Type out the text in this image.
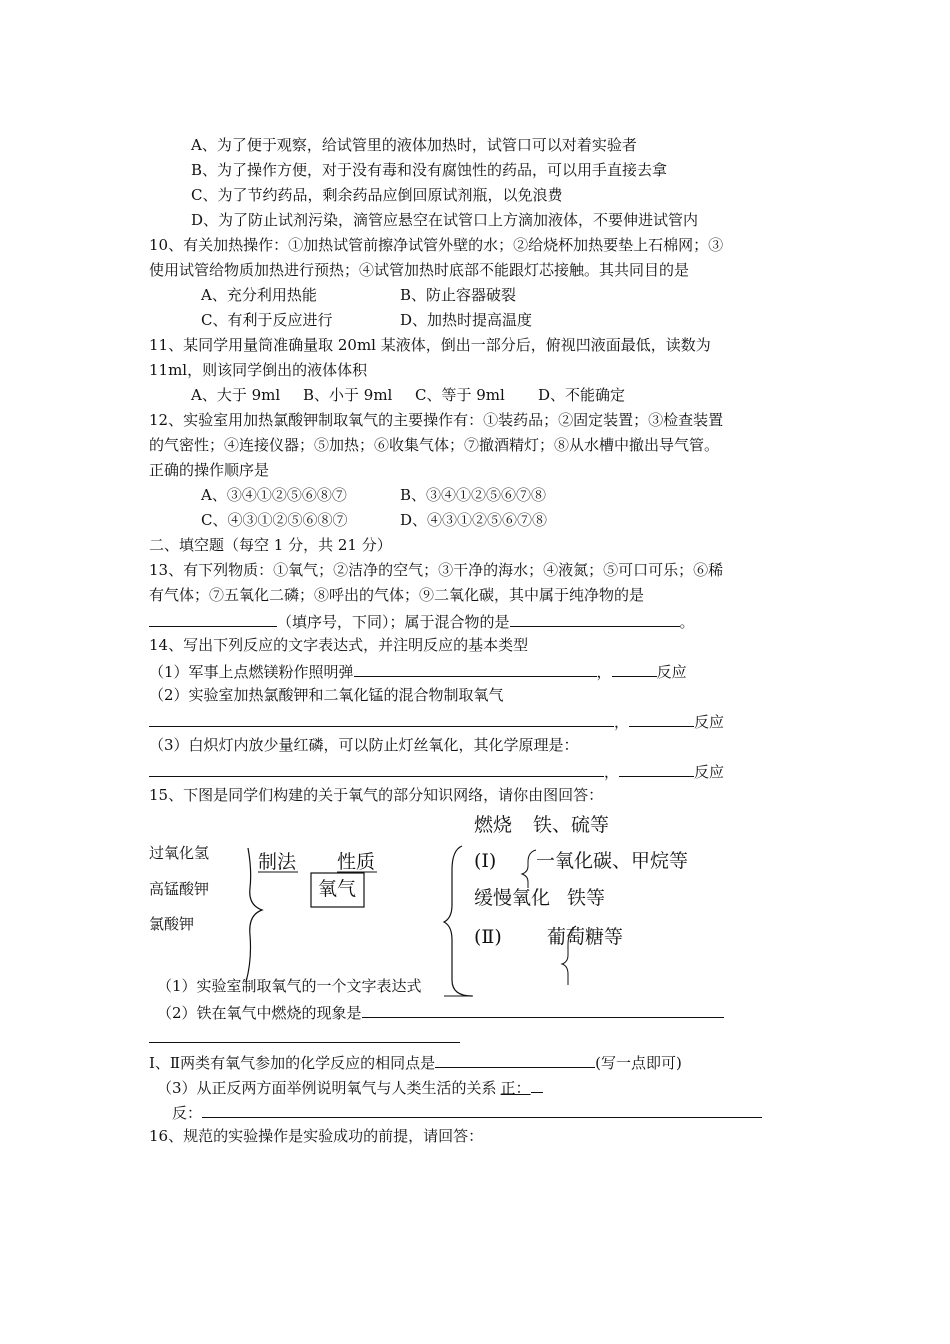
A、为了便于观察，给试管里的液体加热时，试管口可以对着实验者
B、为了操作方便，对于没有毒和没有腐蚀性的药品，可以用手直接去拿
C、为了节约药品，剩余药品应倒回原试剂瓶，以免浪费
D、为了防止试剂污染，滴管应悬空在试管口上方滴加液体，不要伸进试管内
10、有关加热操作：①加热试管前擦净试管外壁的水；②给烧杯加热要垫上石棉网；③
使用试管给物质加热进行预热；④试管加热时底部不能跟灯芯接触。其共同目的是
A、充分利用热能	B、防止容器破裂
C、有利于反应进行	D、加热时提高温度
11、某同学用量筒准确量取 20ml 某液体，倒出一部分后，俯视凹液面最低，读数为
11ml，则该同学倒出的液体体积
A、大于 9ml B、小于 9ml C、等于 9ml D、不能确定
12、实验室用加热氯酸钾制取氧气的主要操作有：①装药品；②固定装置；③检查装置
的气密性；④连接仪器；⑤加热；⑥收集气体；⑦撤酒精灯；⑧从水槽中撤出导气管。
正确的操作顺序是
A、③④①②⑤⑥⑧⑦	B、③④①②⑤⑥⑦⑧
C、④③①②⑤⑥⑧⑦	D、④③①②⑤⑥⑦⑧
二、填空题（每空 1 分，共 21 分）
13、有下列物质：①氧气；②洁净的空气；③干净的海水；④液氮；⑤可口可乐；⑥稀
有气体；⑦五氧化二磷；⑧呼出的气体；⑨二氧化碳，其中属于纯净物的是
（填序号，下同）；属于混合物的是	。
14、写出下列反应的文字表达式，并注明反应的基本类型
（1）军事上点燃镁粉作照明弹	，	反应
（2）实验室加热氯酸钾和二氧化锰的混合物制取氧气
，	反应
（3）白炽灯内放少量红磷，可以防止灯丝氧化，其化学原理是：
，	反应
15、下图是同学们构建的关于氧气的部分知识网络，请你由图回答：
过氧化氢
高锰酸钾
氯酸钾
制法 性质
氧气
燃烧 铁、硫等
(Ⅰ) 一氧化碳、甲烷等
缓慢氧化 铁等
(Ⅱ) 葡萄糖等
（1）实验室制取氧气的一个文字表达式
（2）铁在氧气中燃烧的现象是
Ⅰ、Ⅱ两类有氧气参加的化学反应的相同点是	(写一点即可)
（3）从正反两方面举例说明氧气与人类生活的关系 正：
反：
16、规范的实验操作是实验成功的前提，请回答：
